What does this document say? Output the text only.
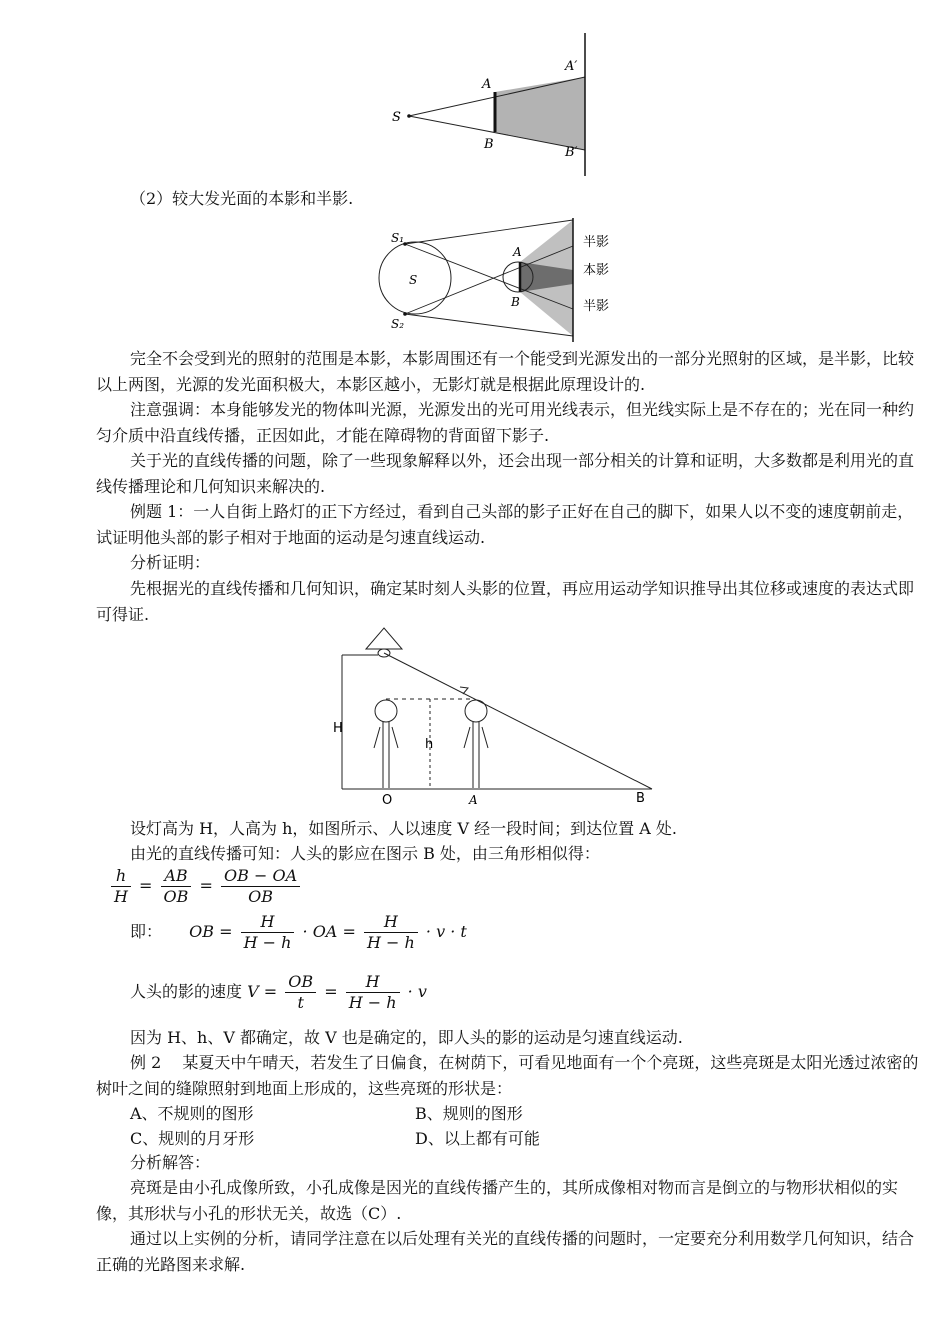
S
A
B
A′
B′

（2）较大发光面的本影和半影.

S₁
S₂
S
A
B
半影
本影
半影

完全不会受到光的照射的范围是本影，本影周围还有一个能受到光源发出的一部分光照射的区域，是半影，比较以上两图，光源的发光面积极大，本影区越小，无影灯就是根据此原理设计的.

注意强调：本身能够发光的物体叫光源，光源发出的光可用光线表示，但光线实际上是不存在的；光在同一种约匀介质中沿直线传播，正因如此，才能在障碍物的背面留下影子.

关于光的直线传播的问题，除了一些现象解释以外，还会出现一部分相关的计算和证明，大多数都是利用光的直线传播理论和几何知识来解决的.

例题 1：一人自街上路灯的正下方经过，看到自己头部的影子正好在自己的脚下，如果人以不变的速度朝前走，试证明他头部的影子相对于地面的运动是匀速直线运动.

分析证明：

先根据光的直线传播和几何知识，确定某时刻人头影的位置，再应用运动学知识推导出其位移或速度的表达式即可得证.

H
h
O	A	B

设灯高为 H，人高为 h，如图所示、人以速度 V 经一段时间；到达位置 A 处.

由光的直线传播可知：人头的影应在图示 B 处，由三角形相似得：

$\frac{h}{H} = \frac{AB}{OB} = \frac{OB - OA}{OB}$
即： OB = $\frac{H}{H - h}$ · OA = $\frac{H}{H - h} \cdot v \cdot t$
人头的影的速度 $V = \frac{OB}{t} = \frac{H}{H - h} \cdot v$

因为 H、h、V 都确定，故 V 也是确定的，即人头的影的运动是匀速直线运动.

例 2　 某夏天中午晴天，若发生了日偏食，在树荫下，可看见地面有一个个亮斑，这些亮斑是太阳光透过浓密的树叶之间的缝隙照射到地面上形成的，这些亮斑的形状是：

A、不规则的图形	B、规则的图形
C、规则的月牙形	D、以上都有可能

分析解答：

亮斑是由小孔成像所致，小孔成像是因光的直线传播产生的，其所成像相对物而言是倒立的与物形状相似的实像，其形状与小孔的形状无关，故选（C）.

通过以上实例的分析，请同学注意在以后处理有关光的直线传播的问题时，一定要充分利用数学几何知识，结合正确的光路图来求解.
